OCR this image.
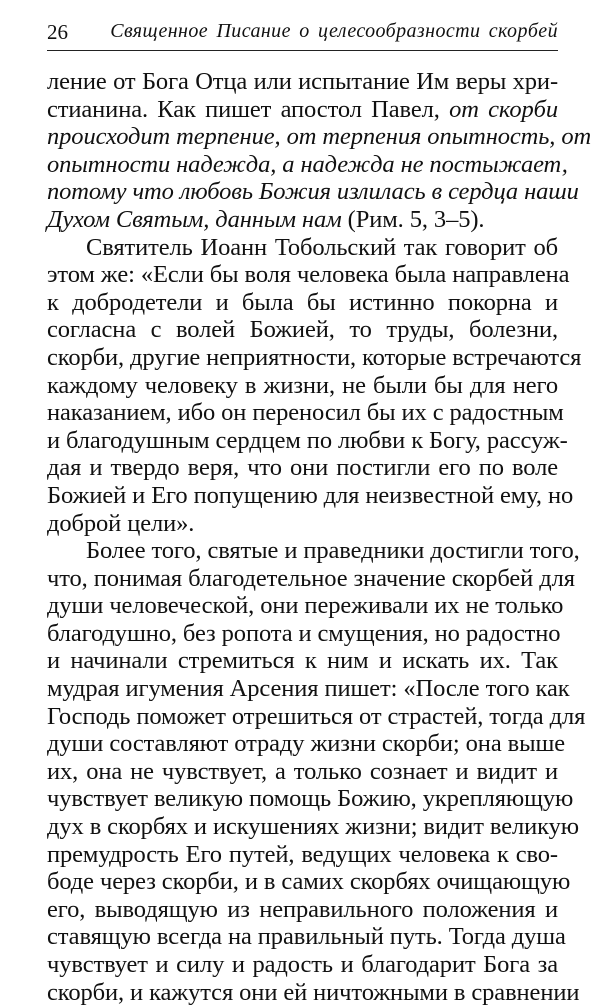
26 Священное Писание о целесообразности скорбей
ление от Бога Отца или испытание Им веры хри-
стианина. Как пишет апостол Павел, от скорби
происходит терпение, от терпения опытность, от
опытности надежда, а надежда не постыжает,
потому что любовь Божия излилась в сердца наши
Духом Святым, данным нам (Рим. 5, 3–5).
Святитель Иоанн Тобольский так говорит об
этом же: «Если бы воля человека была направлена
к добродетели и была бы истинно покорна и
согласна с волей Божией, то труды, болезни,
скорби, другие неприятности, которые встречаются
каждому человеку в жизни, не были бы для него
наказанием, ибо он переносил бы их с радостным
и благодушным сердцем по любви к Богу, рассуж-
дая и твердо веря, что они постигли его по воле
Божией и Его попущению для неизвестной ему, но
доброй цели».
Более того, святые и праведники достигли того,
что, понимая благодетельное значение скорбей для
души человеческой, они переживали их не только
благодушно, без ропота и смущения, но радостно
и начинали стремиться к ним и искать их. Так
мудрая игумения Арсения пишет: «После того как
Господь поможет отрешиться от страстей, тогда для
души составляют отраду жизни скорби; она выше
их, она не чувствует, а только сознает и видит и
чувствует великую помощь Божию, укрепляющую
дух в скорбях и искушениях жизни; видит великую
премудрость Его путей, ведущих человека к сво-
боде через скорби, и в самих скорбях очищающую
его, выводящую из неправильного положения и
ставящую всегда на правильный путь. Тогда душа
чувствует и силу и радость и благодарит Бога за
скорби, и кажутся они ей ничтожными в сравнении
